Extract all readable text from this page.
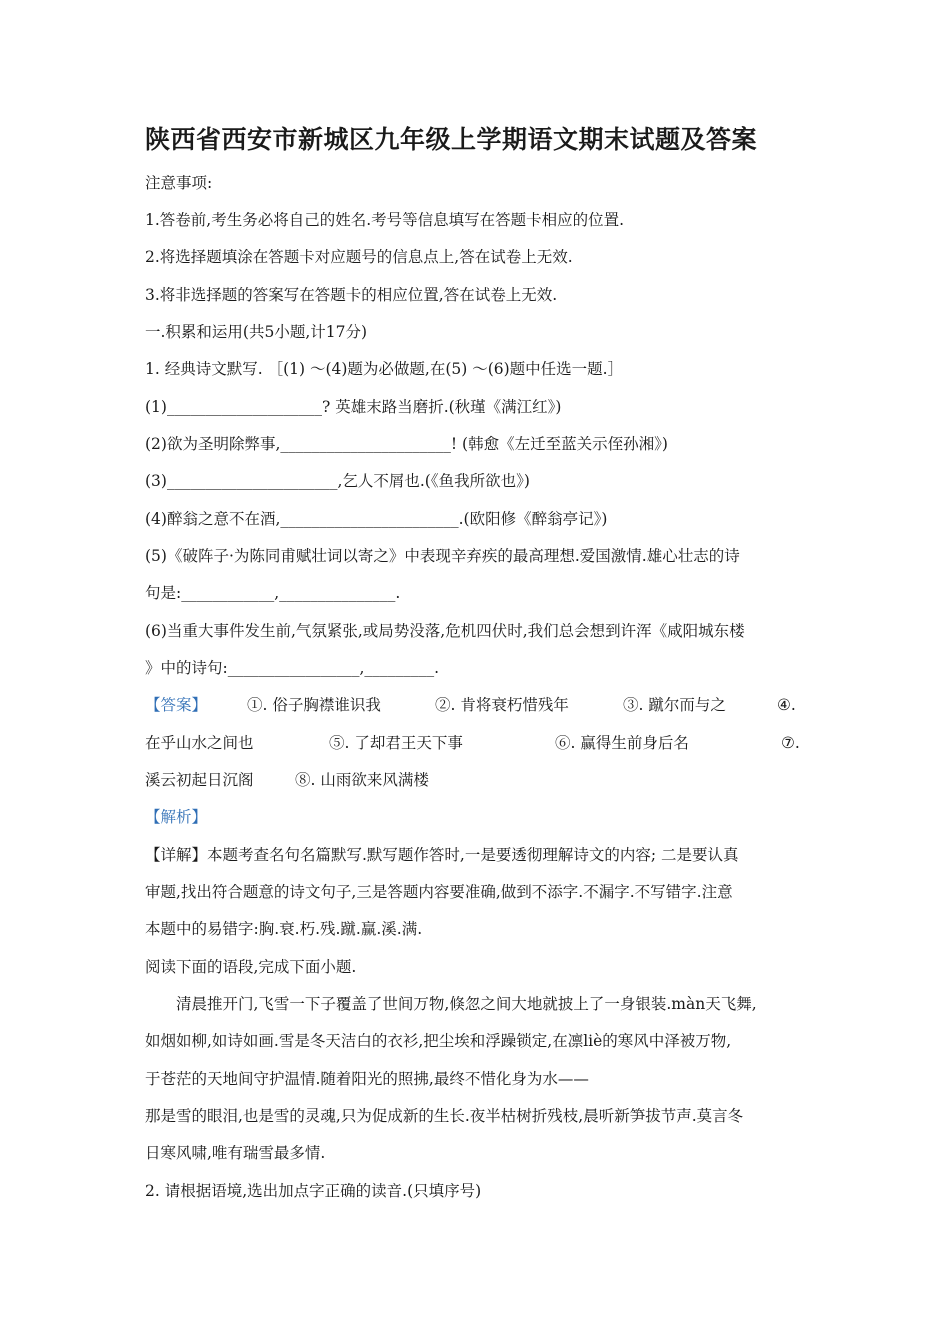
陕西省西安市新城区九年级上学期语文期末试题及答案
注意事项:
1.答卷前,考生务必将自己的姓名.考号等信息填写在答题卡相应的位置.
2.将选择题填涂在答题卡对应题号的信息点上,答在试卷上无效.
3.将非选择题的答案写在答题卡的相应位置,答在试卷上无效.
一.积累和运用(共5小题,计17分)
1. 经典诗文默写. ［(1) ～(4)题为必做题,在(5) ～(6)题中任选一题.］
(1)____________________? 英雄末路当磨折.(秋瑾《满江红》)
(2)欲为圣明除弊事,______________________! (韩愈《左迁至蓝关示侄孙湘》)
(3)______________________,乞人不屑也.(《鱼我所欲也》)
(4)醉翁之意不在酒,_______________________.(欧阳修《醉翁亭记》)
(5)《破阵子·为陈同甫赋壮词以寄之》中表现辛弃疾的最高理想.爱国激情.雄心壮志的诗
句是:____________,_______________.
(6)当重大事件发生前,气氛紧张,或局势没落,危机四伏时,我们总会想到许浑《咸阳城东楼
》中的诗句:_________________,_________.
【答案】	①. 俗子胸襟谁识我	②. 肯将衰朽惜残年	③. 蹴尔而与之	④.
在乎山水之间也	⑤. 了却君王天下事	⑥. 赢得生前身后名	⑦.
溪云初起日沉阁	⑧. 山雨欲来风满楼
【解析】
【详解】本题考查名句名篇默写.默写题作答时,一是要透彻理解诗文的内容; 二是要认真
审题,找出符合题意的诗文句子,三是答题内容要准确,做到不添字.不漏字.不写错字.注意
本题中的易错字:胸.衰.朽.残.蹴.赢.溪.满.
阅读下面的语段,完成下面小题.
清晨推开门,飞雪一下子覆盖了世间万物,倏忽之间大地就披上了一身银装.màn天飞舞,
如烟如柳,如诗如画.雪是冬天洁白的衣衫,把尘埃和浮躁锁定,在凛liè的寒风中泽被万物,
于苍茫的天地间守护温情.随着阳光的照拂,最终不惜化身为水——
那是雪的眼泪,也是雪的灵魂,只为促成新的生长.夜半枯树折残枝,晨听新笋拔节声.莫言冬
日寒风啸,唯有瑞雪最多情.
2. 请根据语境,选出加点字正确的读音.(只填序号)
